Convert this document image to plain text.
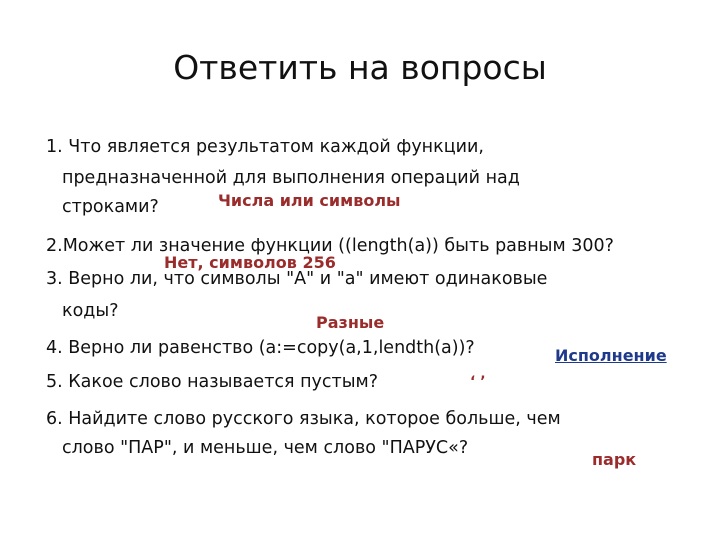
Ответить на вопросы
1. Что является результатом каждой функции,
предназначенной для выполнения операций над
строками?	Числа или символы
2.Может ли значение функции ((length(a)) быть равным 300?
Нет, символов 256
3. Верно ли, что символы "А" и "а" имеют одинаковые
коды?
Разные
4. Верно ли равенство (a:=copy(a,1,lendth(a))?	Исполнение
5. Какое слово называется пустым?	‘ ’
6. Найдите слово русского языка, которое больше, чем
слово "ПАР", и меньше, чем слово "ПАРУС«?
парк
